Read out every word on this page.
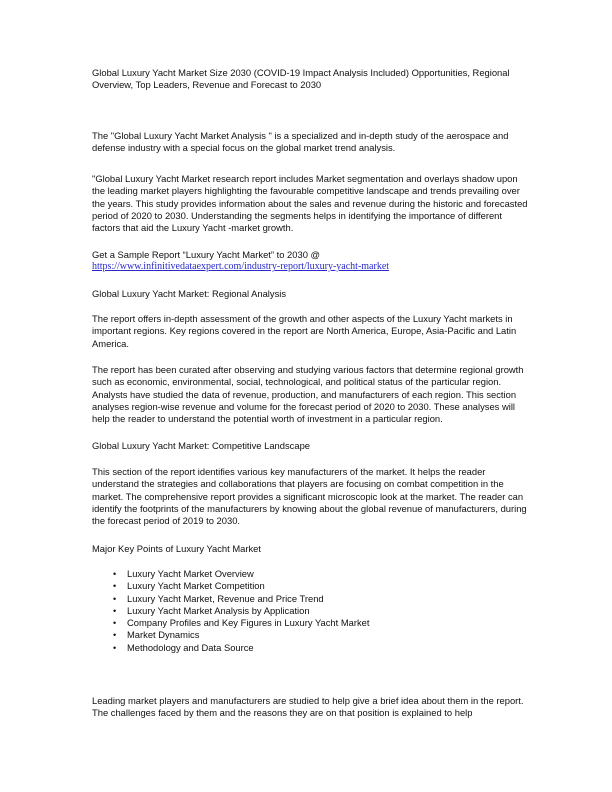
Global Luxury Yacht Market Size 2030 (COVID-19 Impact Analysis Included) Opportunities, Regional Overview, Top Leaders, Revenue and Forecast to 2030

The "Global Luxury Yacht Market Analysis " is a specialized and in-depth study of the aerospace and defense industry with a special focus on the global market trend analysis.

"Global Luxury Yacht Market research report includes Market segmentation and overlays shadow upon the leading market players highlighting the favourable competitive landscape and trends prevailing over the years. This study provides information about the sales and revenue during the historic and forecasted period of 2020 to 2030. Understanding the segments helps in identifying the importance of different factors that aid the Luxury Yacht -market growth.

Get a Sample Report “Luxury Yacht Market” to 2030 @
https://www.infinitivedataexpert.com/industry-report/luxury-yacht-market

Global Luxury Yacht Market: Regional Analysis

The report offers in-depth assessment of the growth and other aspects of the Luxury Yacht markets in important regions. Key regions covered in the report are North America, Europe, Asia-Pacific and Latin America.

The report has been curated after observing and studying various factors that determine regional growth such as economic, environmental, social, technological, and political status of the particular region. Analysts have studied the data of revenue, production, and manufacturers of each region. This section analyses region-wise revenue and volume for the forecast period of 2020 to 2030. These analyses will help the reader to understand the potential worth of investment in a particular region.

Global Luxury Yacht Market: Competitive Landscape

This section of the report identifies various key manufacturers of the market. It helps the reader understand the strategies and collaborations that players are focusing on combat competition in the market. The comprehensive report provides a significant microscopic look at the market. The reader can identify the footprints of the manufacturers by knowing about the global revenue of manufacturers, during the forecast period of 2019 to 2030.

Major Key Points of Luxury Yacht Market

• Luxury Yacht Market Overview
• Luxury Yacht Market Competition
• Luxury Yacht Market, Revenue and Price Trend
• Luxury Yacht Market Analysis by Application
• Company Profiles and Key Figures in Luxury Yacht Market
• Market Dynamics
• Methodology and Data Source

Leading market players and manufacturers are studied to help give a brief idea about them in the report. The challenges faced by them and the reasons they are on that position is explained to help
